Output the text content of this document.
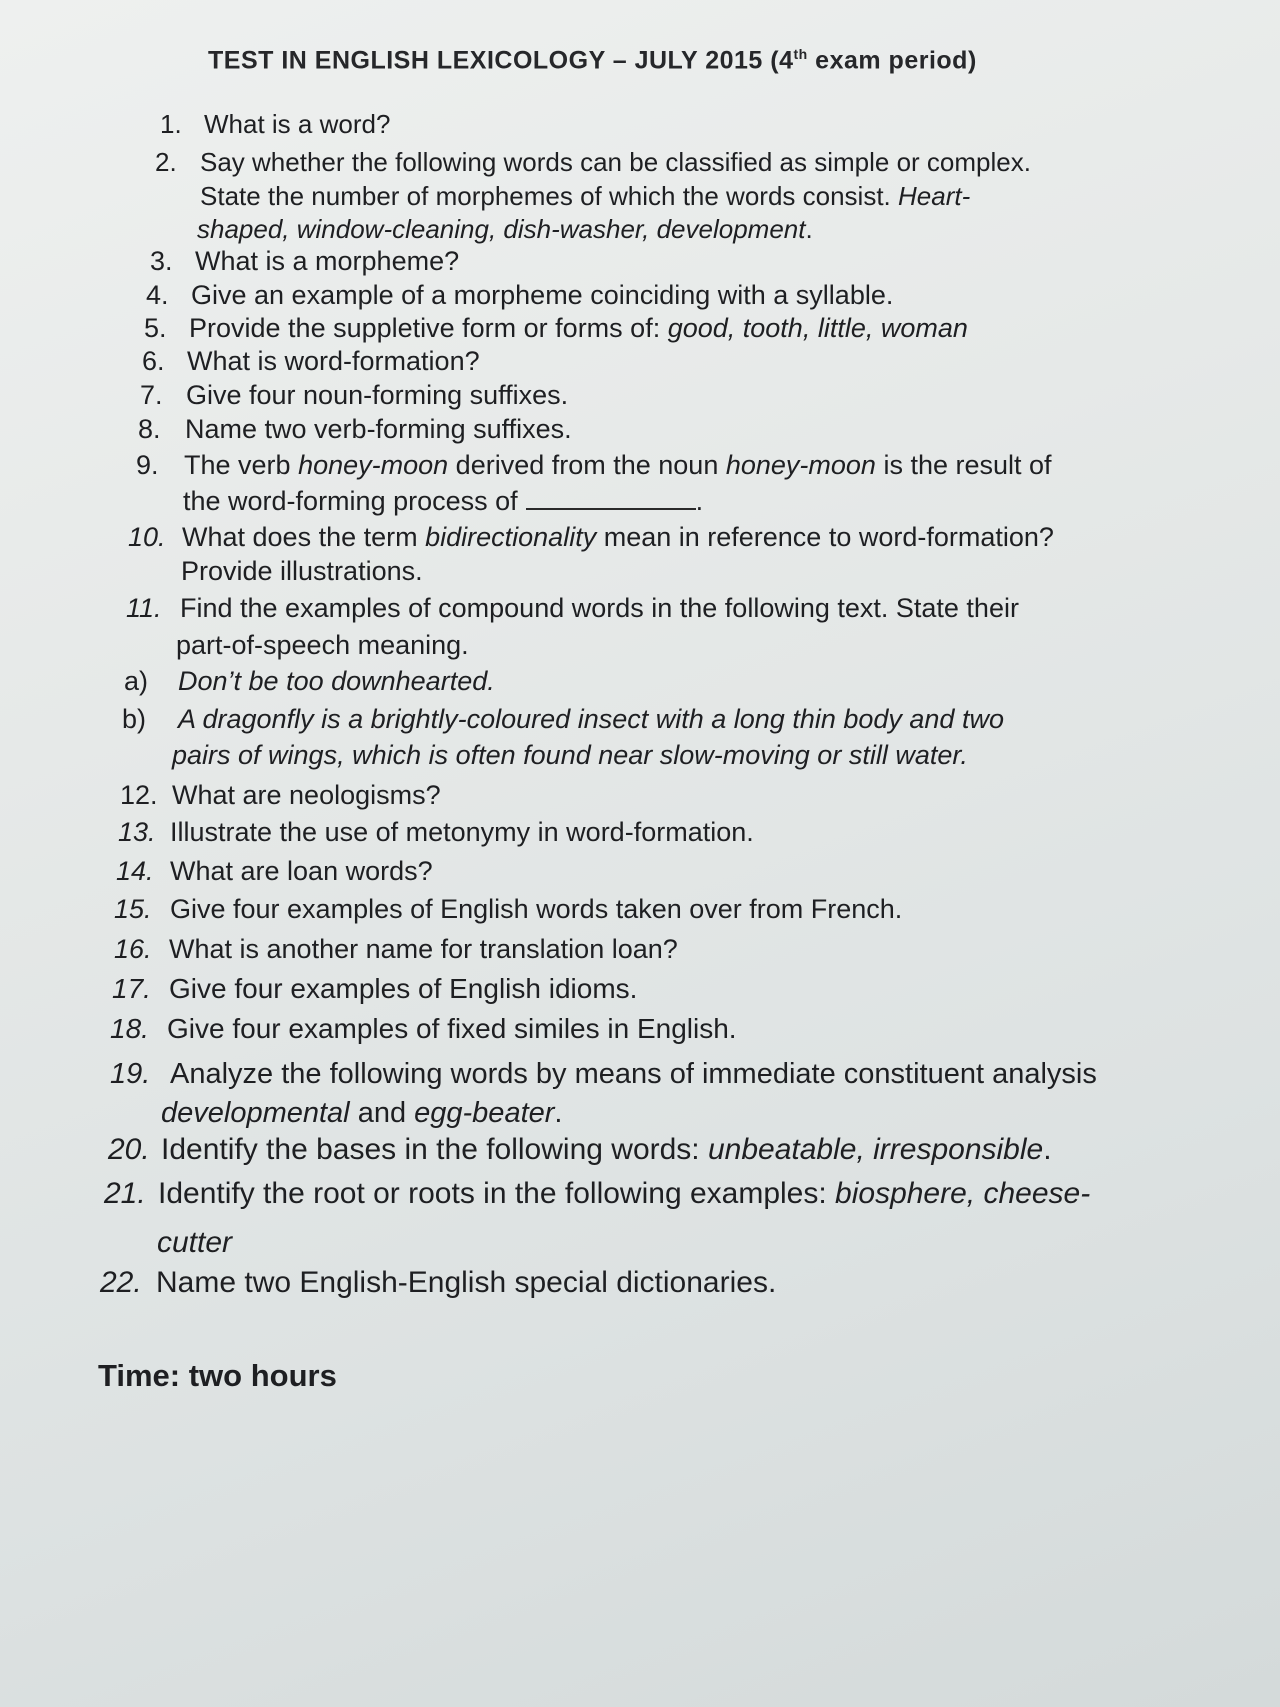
TEST IN ENGLISH LEXICOLOGY – JULY 2015 (4th exam period)
1. What is a word?
2. Say whether the following words can be classified as simple or complex.
State the number of morphemes of which the words consist. Heart-
shaped, window-cleaning, dish-washer, development.
3. What is a morpheme?
4. Give an example of a morpheme coinciding with a syllable.
5. Provide the suppletive form or forms of: good, tooth, little, woman
6. What is word-formation?
7. Give four noun-forming suffixes.
8. Name two verb-forming suffixes.
9. The verb honey-moon derived from the noun honey-moon is the result of
the word-forming process of	.
10. What does the term bidirectionality mean in reference to word-formation?
Provide illustrations.
11. Find the examples of compound words in the following text. State their
part-of-speech meaning.
a) Don’t be too downhearted.
b) A dragonfly is a brightly-coloured insect with a long thin body and two
pairs of wings, which is often found near slow-moving or still water.
12. What are neologisms?
13. Illustrate the use of metonymy in word-formation.
14. What are loan words?
15. Give four examples of English words taken over from French.
16. What is another name for translation loan?
17. Give four examples of English idioms.
18. Give four examples of fixed similes in English.
19. Analyze the following words by means of immediate constituent analysis
developmental and egg-beater.
20. Identify the bases in the following words: unbeatable, irresponsible.
21. Identify the root or roots in the following examples: biosphere, cheese-
cutter
22. Name two English-English special dictionaries.
Time: two hours
